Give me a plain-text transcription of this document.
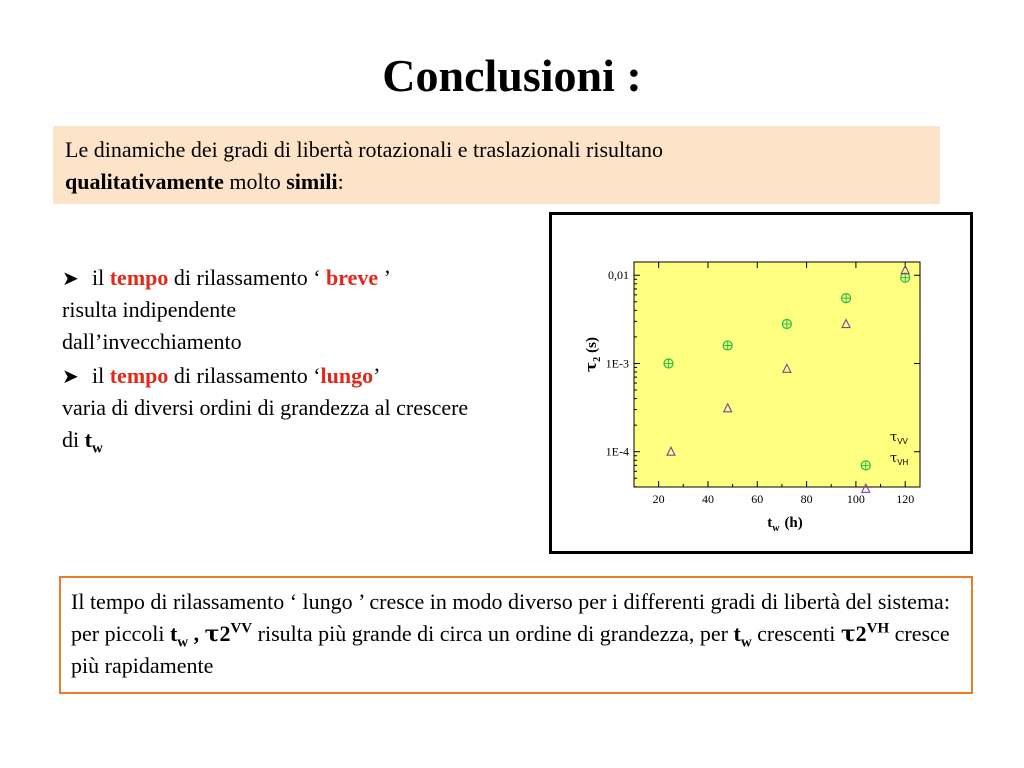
Conclusioni :
Le dinamiche dei gradi di libertà rotazionali e traslazionali risultano
qualitativamente molto simili:
➤ il tempo di rilassamento ‘ breve ’
risulta indipendente dall’invecchiamento
➤ il tempo di rilassamento ‘lungo’
varia di diversi ordini di grandezza al crescere di $t_w$
20	40	60	80	100	120
0,01
1E-3
1E-4
$\tau_{VV}$
$\tau_{VH}$
$t_w$ (h)
$\tau_2(s)$
Il tempo di rilassamento ‘ lungo ’ cresce in modo diverso per i differenti gradi di libertà del sistema: per piccoli $t_w$ , $\tau 2^{VV}$ risulta più grande di circa un ordine di grandezza, per $t_w$ crescenti $\tau 2^{VH}$ cresce più rapidamente
